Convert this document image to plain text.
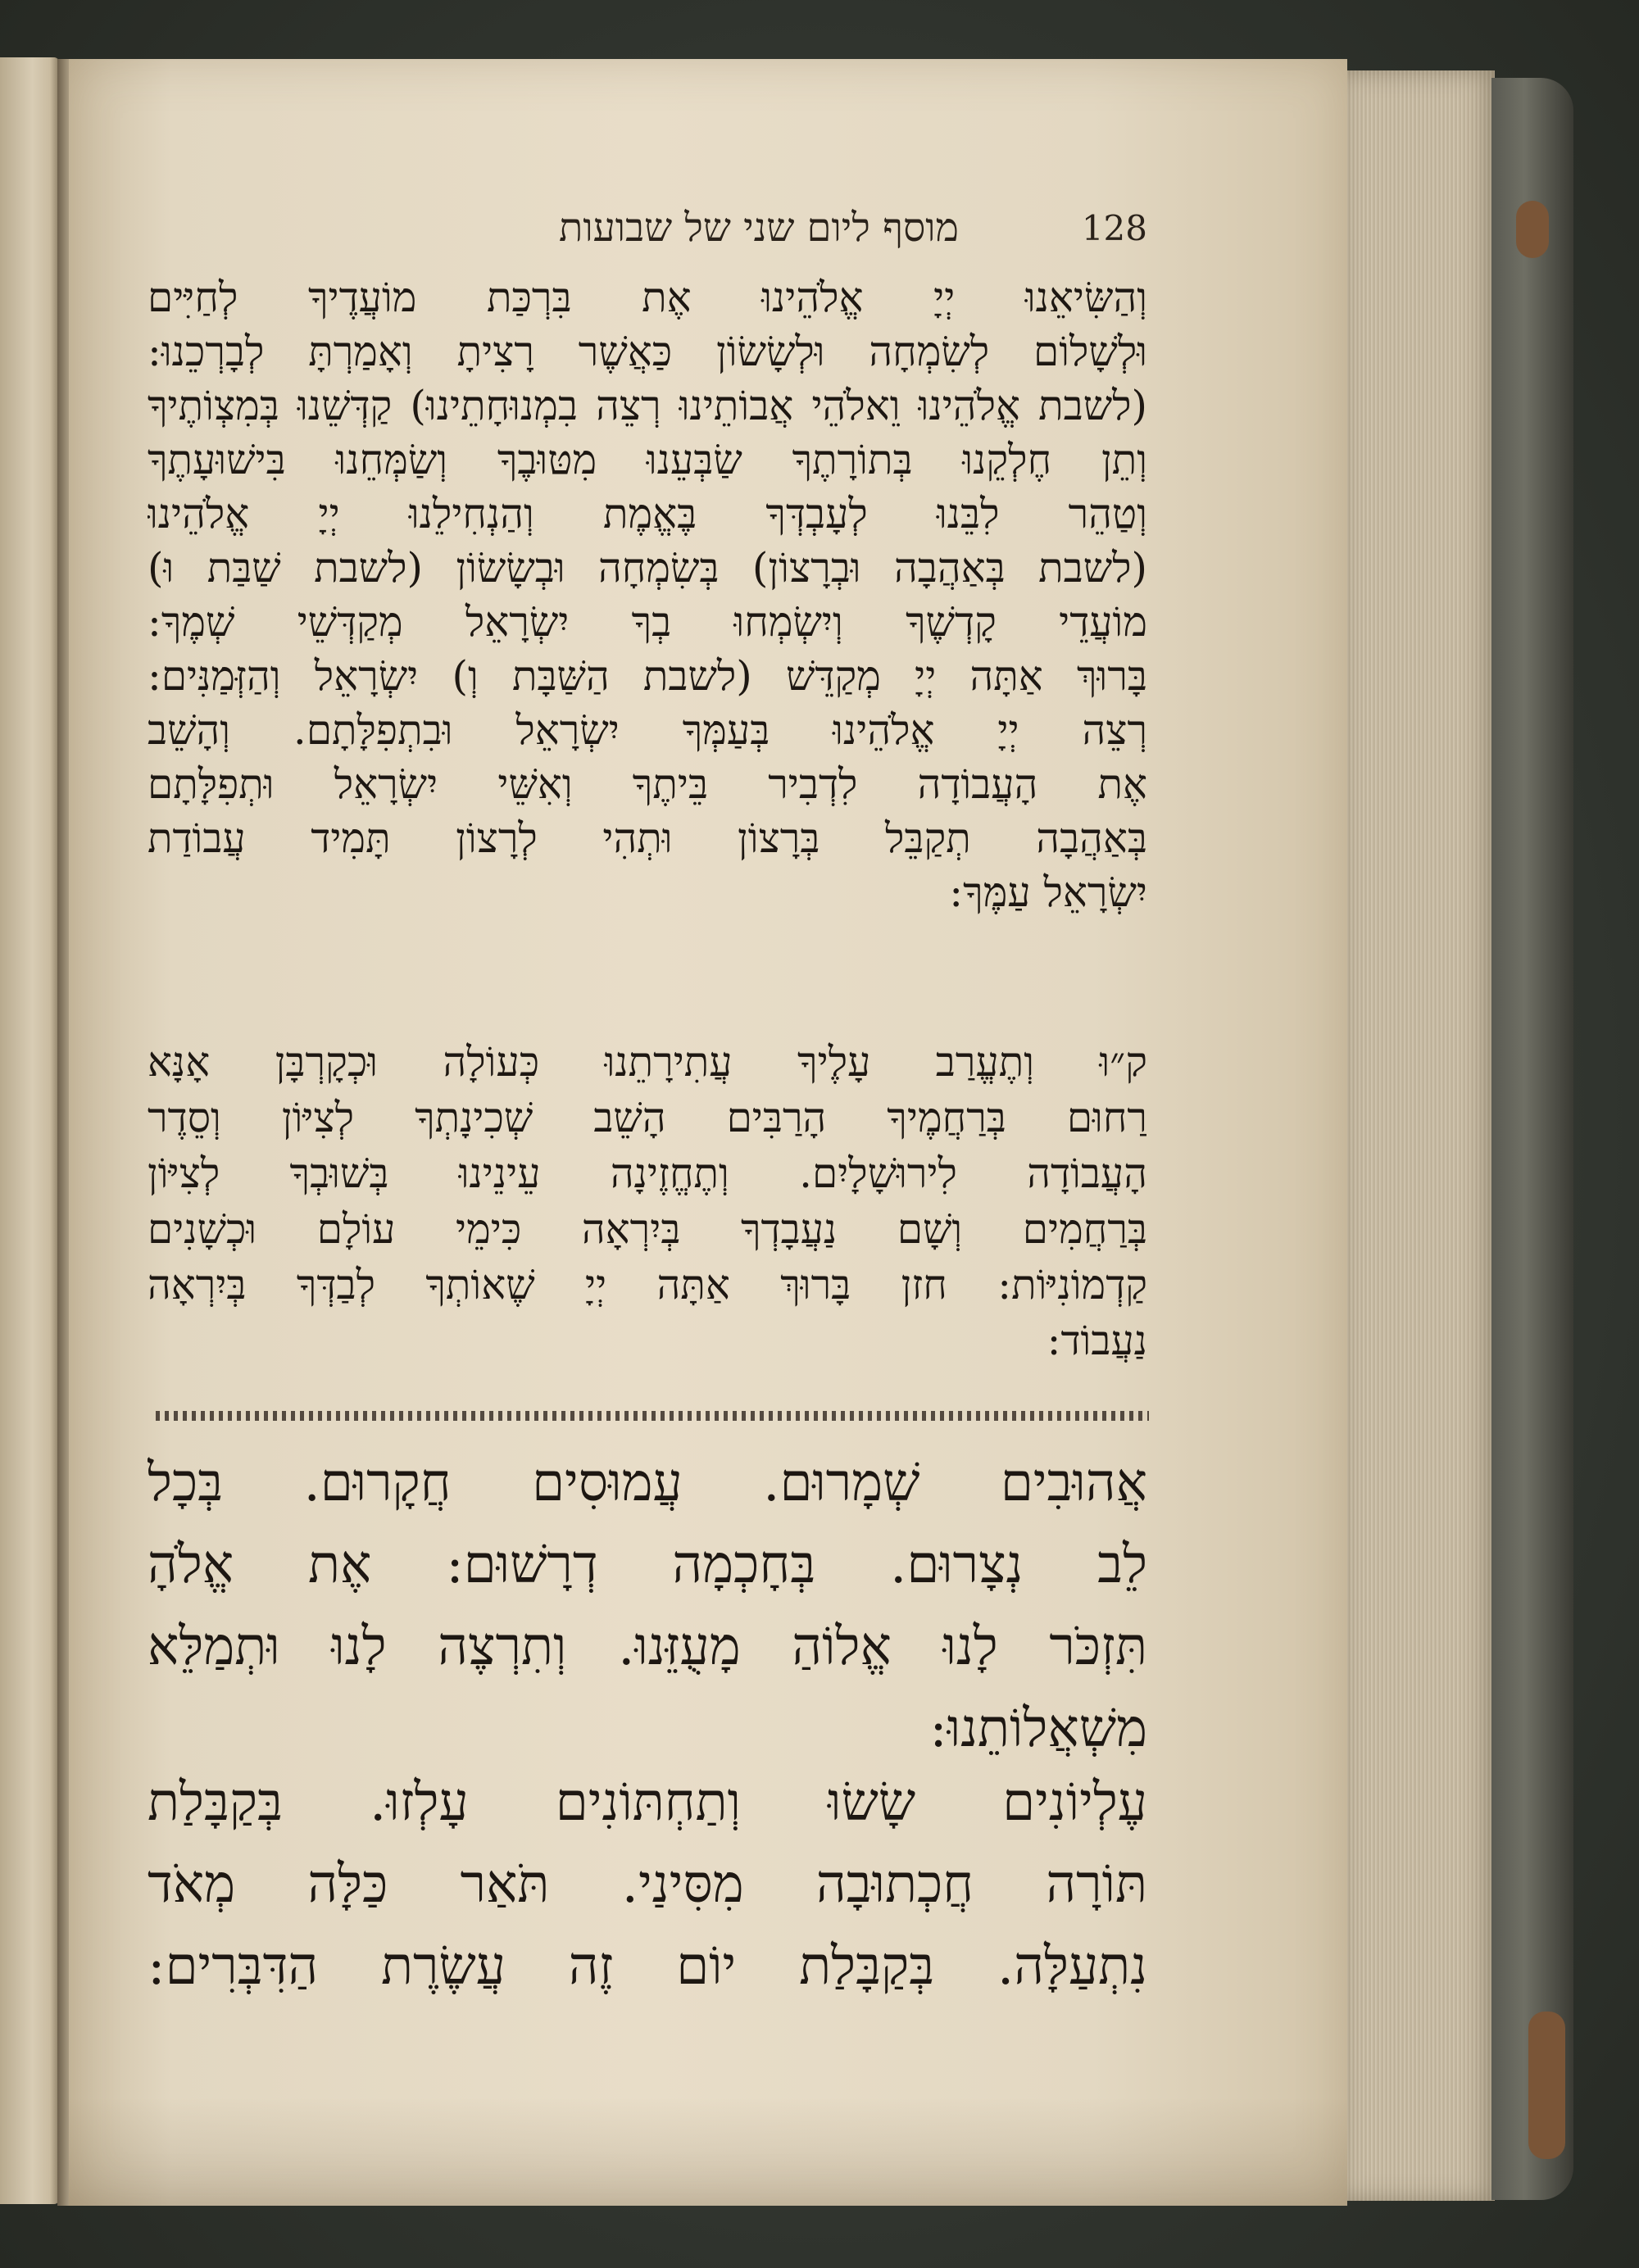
מוסף ליום שני של שבועות	128
וְהַשִּׂיאֵנוּ יְיָ אֱלֹהֵינוּ אֶת בִּרְכַּת מוֹעֲדֶיךָ לְחַיִּים
וּלְשָׁלוֹם לְשִׂמְחָה וּלְשָׂשׂוֹן כַּאֲשֶׁר רָצִיתָ וְאָמַרְתָּ לְבָרְכֵנוּ:
(לשבת אֱלֹהֵינוּ וֵאלֹהֵי אֲבוֹתֵינוּ רְצֵה בִמְנוּחָתֵינוּ) קַדְּשֵׁנוּ בְּמִצְוֹתֶיךָ
וְתֵן חֶלְקֵנוּ בְּתוֹרָתֶךָ שַׂבְּעֵנוּ מִטּוּבֶךָ וְשַׂמְּחֵנוּ בִּישׁוּעָתֶךָ
וְטַהֵר לִבֵּנוּ לְעָבְדְּךָ בֶּאֱמֶת וְהַנְחִילֵנוּ יְיָ אֱלֹהֵינוּ
(לשבת בְּאַהֲבָה וּבְרָצוֹן) בְּשִׂמְחָה וּבְשָׂשׂוֹן (לשבת שַׁבַּת וּ)
מוֹעֲדֵי קָדְשֶׁךָ וְיִשְׂמְחוּ בְךָ יִשְׂרָאֵל מְקַדְּשֵׁי שְׁמֶךָ:
בָּרוּךְ אַתָּה יְיָ מְקַדֵּשׁ (לשבת הַשַּׁבָּת וְ) יִשְׂרָאֵל וְהַזְּמַנִּים:
רְצֵה יְיָ אֱלֹהֵינוּ בְּעַמְּךָ יִשְׂרָאֵל וּבִתְפִלָּתָם. וְהָשֵׁב
אֶת הָעֲבוֹדָה לִדְבִיר בֵּיתֶךָ וְאִשֵּׁי יִשְׂרָאֵל וּתְפִלָּתָם
בְּאַהֲבָה תְקַבֵּל בְּרָצוֹן וּתְהִי לְרָצוֹן תָּמִיד עֲבוֹדַת
יִשְׂרָאֵל עַמֶּךָ:
ק״וּ וְתֶעֱרַב עָלֶיךָ עֲתִירָתֵנוּ כְּעוֹלָה וּכְקָרְבָּן אָנָּא
רַחוּם בְּרַחֲמֶיךָ הָרַבִּים הָשֵׁב שְׁכִינָתְךָ לְצִיּוֹן וְסֵדֶר
הָעֲבוֹדָה לִירוּשָׁלָיִם. וְתֶחֱזֶינָה עֵינֵינוּ בְּשׁוּבְךָ לְצִיּוֹן
בְּרַחֲמִים וְשָׁם נַעֲבָדְךָ בְּיִרְאָה כִּימֵי עוֹלָם וּכְשָׁנִים
קַדְמוֹנִיּוֹת: חזן בָּרוּךְ אַתָּה יְיָ שֶׁאוֹתְךָ לְבַדְּךָ בְּיִרְאָה
נַעֲבוֹד:
אֲהוּבִים שְׁמָרוּם. עֲמוּסִים חֲקָרוּם. בְּכָל
לֵב נְצָרוּם. בְּחָכְמָה דְרָשׁוּם: אֶת אֱלֹהָ
תִּזְכֹּר לָנוּ אֱלוֹהַ מָעֻזֵּנוּ. וְתִרְצֶה לָנוּ וּתְמַלֵּא
מִשְׁאֲלוֹתֵנוּ:
עֶלְיוֹנִים שָׂשׂוּ וְתַחְתּוֹנִים עָלְזוּ. בְּקַבָּלַת
תּוֹרָה חֲכְתוּבָה מִסִּינַי. תֹּאַר כַּלָּה מְאֹד
נִתְעַלָּה. בְּקַבָּלַת יוֹם זֶה עֲשֶׂרֶת הַדִּבְּרִים:
